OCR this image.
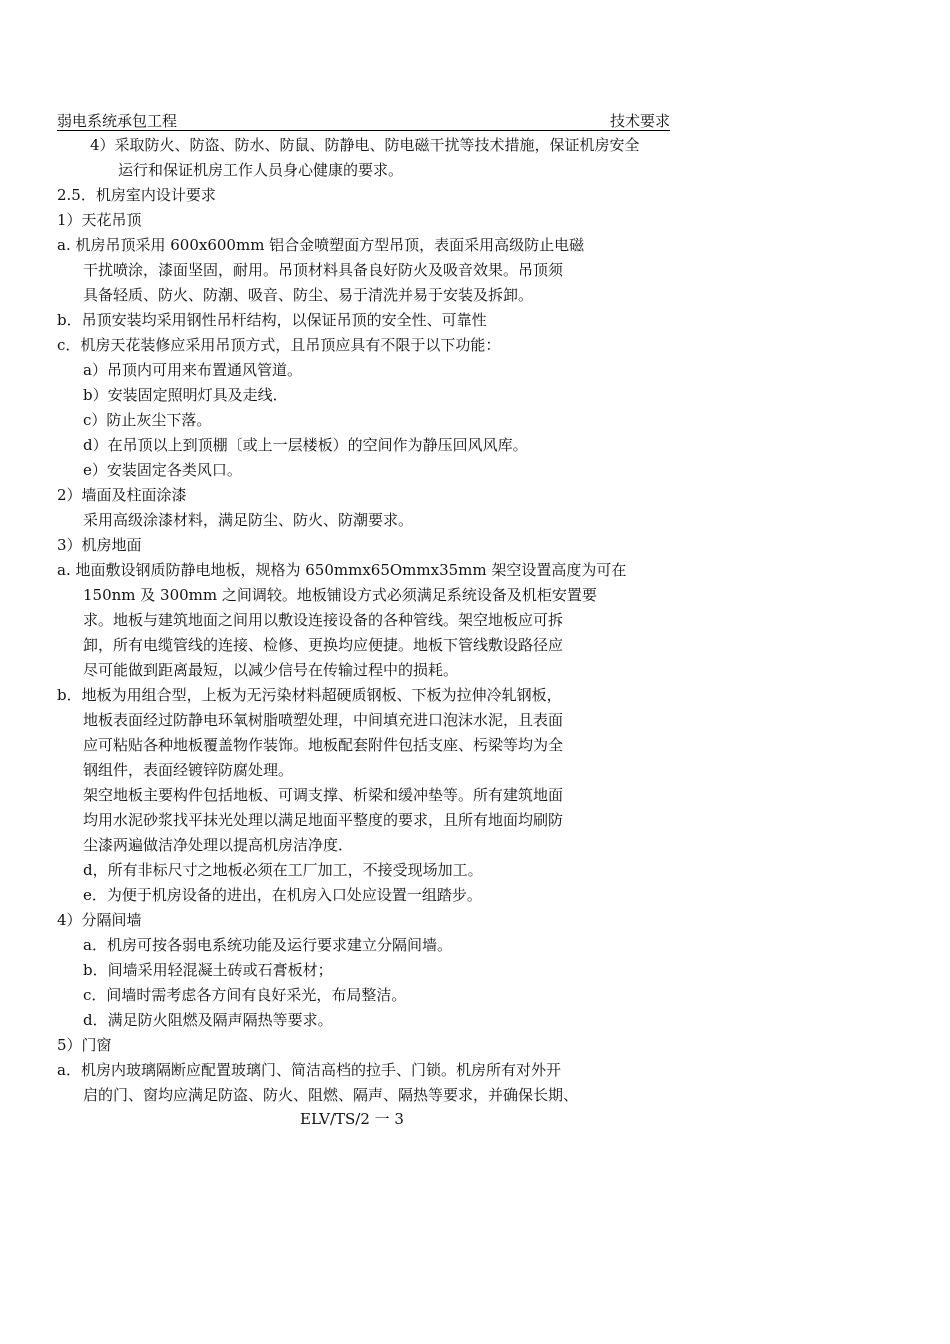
弱电系统承包工程	技术要求
4）采取防火、防盗、防水、防鼠、防静电、防电磁干扰等技术措施，保证机房安全
运行和保证机房工作人员身心健康的要求。
2.5．机房室内设计要求
1）天花吊顶
a. 机房吊顶采用 600x600mm 铝合金喷塑面方型吊顶，表面采用高级防止电磁
干扰喷涂，漆面坚固，耐用。吊顶材料具备良好防火及吸音效果。吊顶须
具备轻质、防火、防潮、吸音、防尘、易于清洗并易于安装及拆卸。
b．吊顶安装均采用钢性吊杆结构，以保证吊顶的安全性、可靠性
c．机房天花装修应采用吊顶方式，且吊顶应具有不限于以下功能：
a）吊顶内可用来布置通风管道。
b）安装固定照明灯具及走线．
c）防止灰尘下落。
d）在吊顶以上到顶棚〔或上一层楼板）的空间作为静压回风风库。
e）安装固定各类风口。
2）墙面及柱面涂漆
采用高级涂漆材料，满足防尘、防火、防潮要求。
3）机房地面
a. 地面敷设钢质防静电地板，规格为 650mmx65Ommx35mm 架空设置高度为可在
150nm 及 300mm 之间调较。地板铺设方式必须满足系统设备及机柜安置要
求。地板与建筑地面之间用以敷设连接设备的各种管线。架空地板应可拆
卸，所有电缆管线的连接、检修、更换均应便捷。地板下管线敷设路径应
尽可能做到距离最短，以减少信号在传输过程中的损耗。
b．地板为用组合型，上板为无污染材料超硬质钢板、下板为拉伸冷轧钢板，
地板表面经过防静电环氧树脂喷塑处理，中间填充进口泡沫水泥，且表面
应可粘贴各种地板覆盖物作装饰。地板配套附件包括支座、杇梁等均为全
钢组件，表面经镀锌防腐处理。
架空地板主要构件包括地板、可调支撑、析梁和缓冲垫等。所有建筑地面
均用水泥砂浆找平抹光处理以满足地面平整度的要求，且所有地面均刷防
尘漆两遍做洁净处理以提高机房洁净度．
d，所有非标尺寸之地板必须在工厂加工，不接受现场加工。
e．为便于机房设备的进出，在机房入口处应设置一组踏步。
4）分隔间墙
a．机房可按各弱电系统功能及运行要求建立分隔间墙。
b．间墙采用轻混凝土砖或石膏板材；
c．间墙时需考虑各方间有良好采光，布局整洁。
d．满足防火阻燃及隔声隔热等要求。
5）门窗
a．机房内玻璃隔断应配置玻璃门、简洁高档的拉手、门锁。机房所有对外开
启的门、窗均应满足防盗、防火、阻燃、隔声、隔热等要求，并确保长期、
ELV/TS/2 一 3
